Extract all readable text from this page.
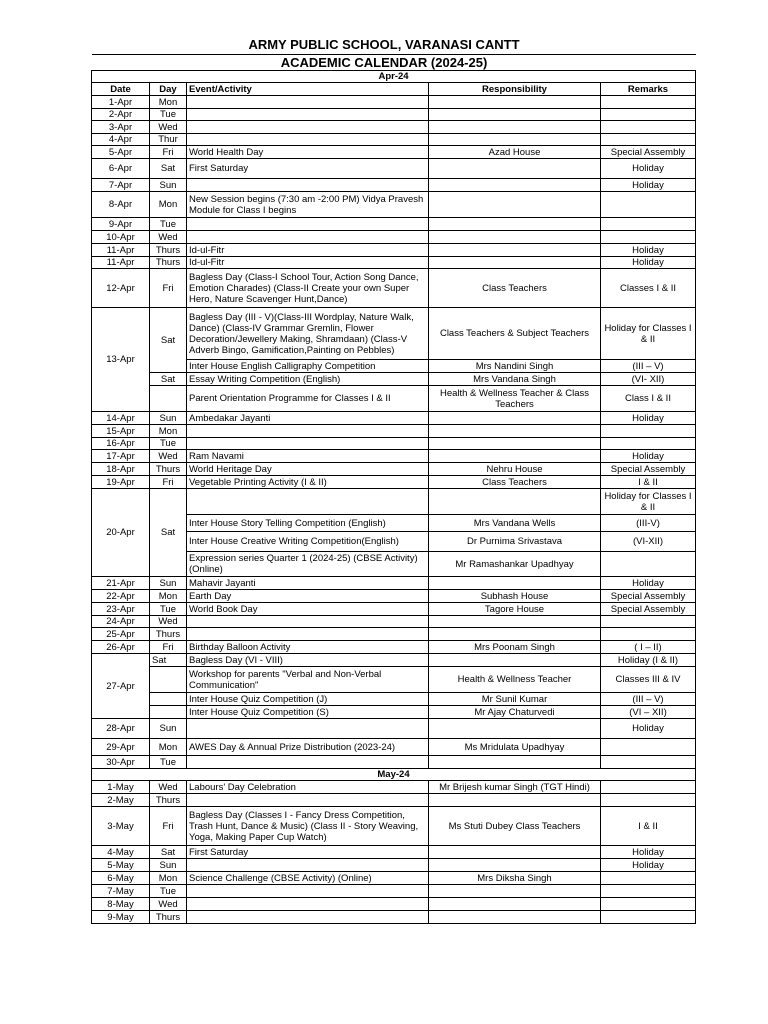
ARMY PUBLIC SCHOOL, VARANASI CANTT
ACADEMIC CALENDAR (2024-25)
Apr-24				
Date	Day	Event/Activity	Responsibility	Remarks
1-Apr	Mon			
2-Apr	Tue			
3-Apr	Wed			
4-Apr	Thur			
5-Apr	Fri	World Health Day	Azad House	Special Assembly
6-Apr	Sat	First Saturday		Holiday
7-Apr	Sun			Holiday
8-Apr	Mon	New Session begins (7:30 am -2:00 PM) Vidya Pravesh Module for Class I begins		
9-Apr	Tue			
10-Apr	Wed			
11-Apr	Thurs	Id-ul-Fitr		Holiday
11-Apr	Thurs	Id-ul-Fitr		Holiday
12-Apr	Fri	Bagless Day (Class-I School Tour, Action Song Dance, Emotion Charades) (Class-II Create your own Super Hero, Nature Scavenger Hunt,Dance)	Class Teachers	Classes I & II
13-Apr	Sat	Bagless Day (III - V)(Class-III Wordplay, Nature Walk, Dance) (Class-IV Grammar Gremlin, Flower Decoration/Jewellery Making, Shramdaan) (Class-V Adverb Bingo, Gamification,Painting on Pebbles)	Class Teachers & Subject Teachers	Holiday for Classes I & II
		Inter House English Calligraphy Competition	Mrs Nandini Singh	(III – V)
	Sat	Essay Writing Competition (English)	Mrs Vandana Singh	(VI- XII)
		Parent Orientation Programme for Classes I & II	Health & Wellness Teacher & Class Teachers	Class I & II
14-Apr	Sun	Ambedakar Jayanti		Holiday
15-Apr	Mon			
16-Apr	Tue			
17-Apr	Wed	Ram Navami		Holiday
18-Apr	Thurs	World Heritage Day	Nehru House	Special Assembly
19-Apr	Fri	Vegetable Printing Activity (I & II)	Class Teachers	I & II
20-Apr	Sat			Holiday for Classes I & II
		Inter House Story Telling Competition (English)	Mrs Vandana Wells	(III-V)
		Inter House Creative Writing Competition(English)	Dr Purnima Srivastava	(VI-XII)
		Expression series Quarter 1 (2024-25) (CBSE Activity) (Online)	Mr Ramashankar Upadhyay	
21-Apr	Sun	Mahavir Jayanti		Holiday
22-Apr	Mon	Earth Day	Subhash House	Special Assembly
23-Apr	Tue	World Book Day	Tagore House	Special Assembly
24-Apr	Wed			
25-Apr	Thurs			
26-Apr	Fri	Birthday Balloon Activity	Mrs Poonam Singh	( I – II)
27-Apr	Sat	Bagless Day (VI - VIII)		Holiday (I & II)
		Workshop for parents "Verbal and Non-Verbal Communication"	Health & Wellness Teacher	Classes III & IV
		Inter House Quiz Competition (J)	Mr Sunil Kumar	(III – V)
		Inter House Quiz Competition (S)	Mr Ajay Chaturvedi	(VI – XII)
28-Apr	Sun			Holiday
29-Apr	Mon	AWES Day & Annual Prize Distribution (2023-24)	Ms Mridulata Upadhyay	
30-Apr	Tue			
May-24				
1-May	Wed	Labours' Day Celebration	Mr Brijesh kumar Singh (TGT Hindi)	
2-May	Thurs			
3-May	Fri	Bagless Day (Classes I - Fancy Dress Competition, Trash Hunt, Dance & Music) (Class II - Story Weaving, Yoga, Making Paper Cup Watch)	Ms Stuti Dubey Class Teachers	I & II
4-May	Sat	First Saturday		Holiday
5-May	Sun			Holiday
6-May	Mon	Science Challenge (CBSE Activity) (Online)	Mrs Diksha Singh	
7-May	Tue			
8-May	Wed			
9-May	Thurs			
